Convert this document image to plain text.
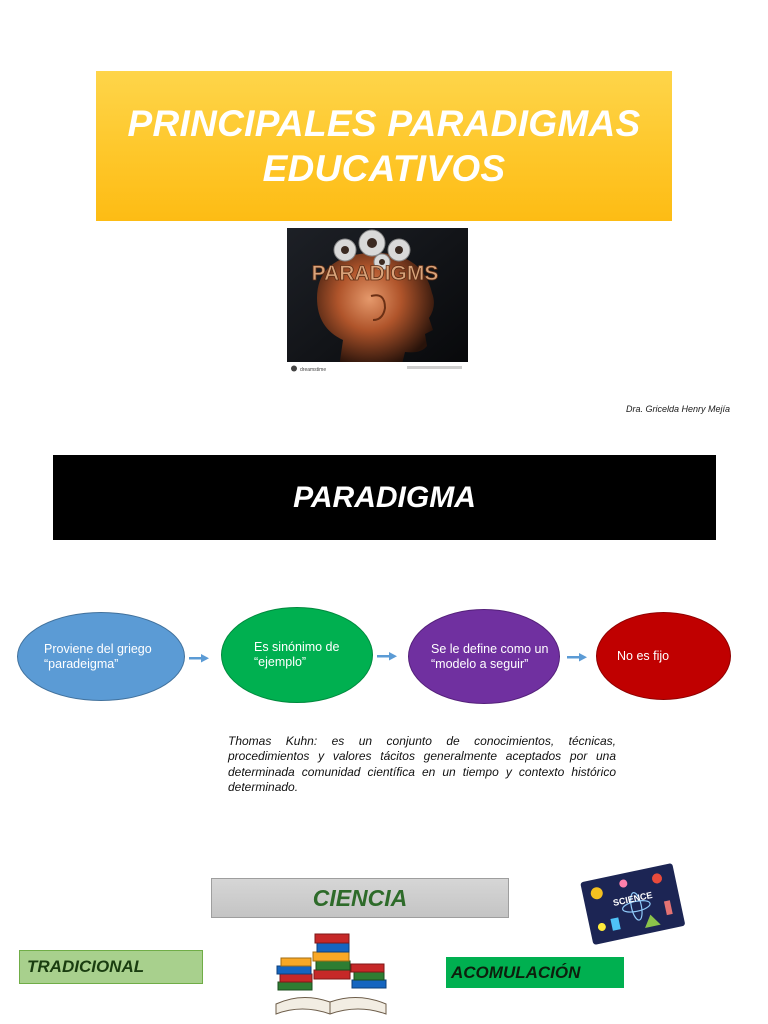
PRINCIPALES PARADIGMAS
EDUCATIVOS
PARADIGMS
dreamstime
Dra. Gricelda Henry Mejía
PARADIGMA
Proviene del griego
“paradeigma”
Es sinónimo de
“ejemplo”
Se le define como un
“modelo a seguir”
No es fijo
Thomas Kuhn: es un conjunto de conocimientos, técnicas, procedimientos y valores tácitos generalmente aceptados por una determinada comunidad científica en un tiempo y contexto histórico determinado.
CIENCIA	SCIENCE
TRADICIONAL	ACOMULACIÓN
